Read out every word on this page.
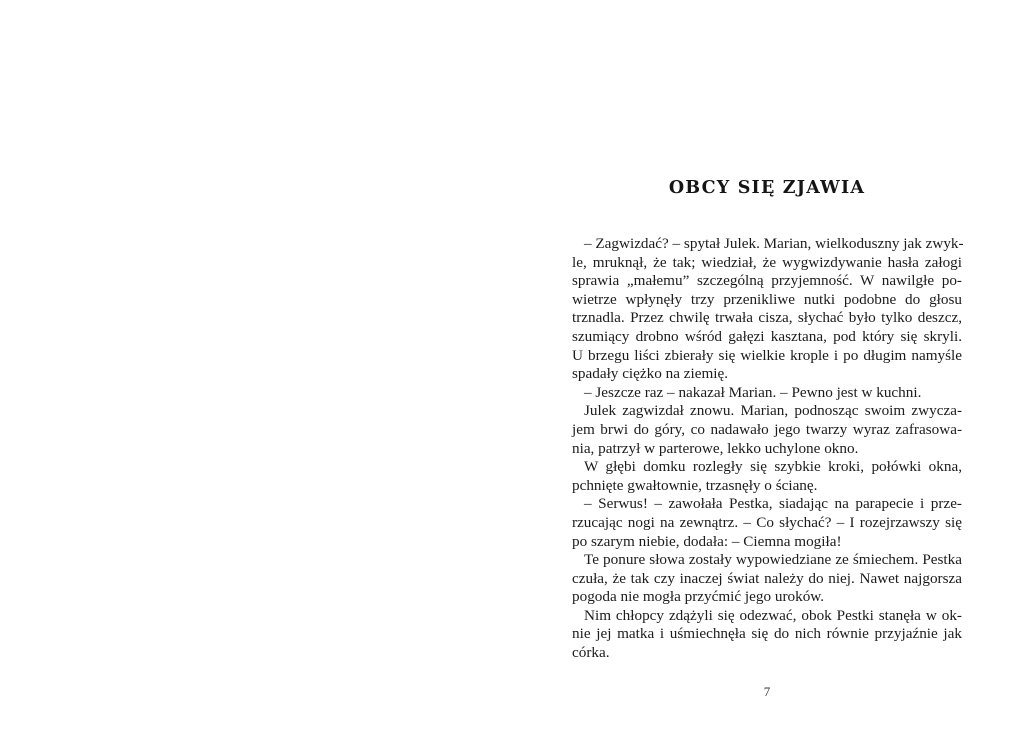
OBCY SIĘ ZJAWIA
– Zagwizdać? – spytał Julek. Marian, wielkoduszny jak zwyk-
le, mruknął, że tak; wiedział, że wygwizdywanie hasła załogi
sprawia „małemu” szczególną przyjemność. W nawilgłe po-
wietrze wpłynęły trzy przenikliwe nutki podobne do głosu
trznadla. Przez chwilę trwała cisza, słychać było tylko deszcz,
szumiący drobno wśród gałęzi kasztana, pod który się skryli.
U brzegu liści zbierały się wielkie krople i po długim namyśle
spadały ciężko na ziemię.
– Jeszcze raz – nakazał Marian. – Pewno jest w kuchni.
Julek zagwizdał znowu. Marian, podnosząc swoim zwycza-
jem brwi do góry, co nadawało jego twarzy wyraz zafrasowa-
nia, patrzył w parterowe, lekko uchylone okno.
W głębi domku rozległy się szybkie kroki, połówki okna,
pchnięte gwałtownie, trzasnęły o ścianę.
– Serwus! – zawołała Pestka, siadając na parapecie i prze-
rzucając nogi na zewnątrz. – Co słychać? – I rozejrzawszy się
po szarym niebie, dodała: – Ciemna mogiła!
Te ponure słowa zostały wypowiedziane ze śmiechem. Pestka
czuła, że tak czy inaczej świat należy do niej. Nawet najgorsza
pogoda nie mogła przyćmić jego uroków.
Nim chłopcy zdążyli się odezwać, obok Pestki stanęła w ok-
nie jej matka i uśmiechnęła się do nich równie przyjaźnie jak
córka.
7
